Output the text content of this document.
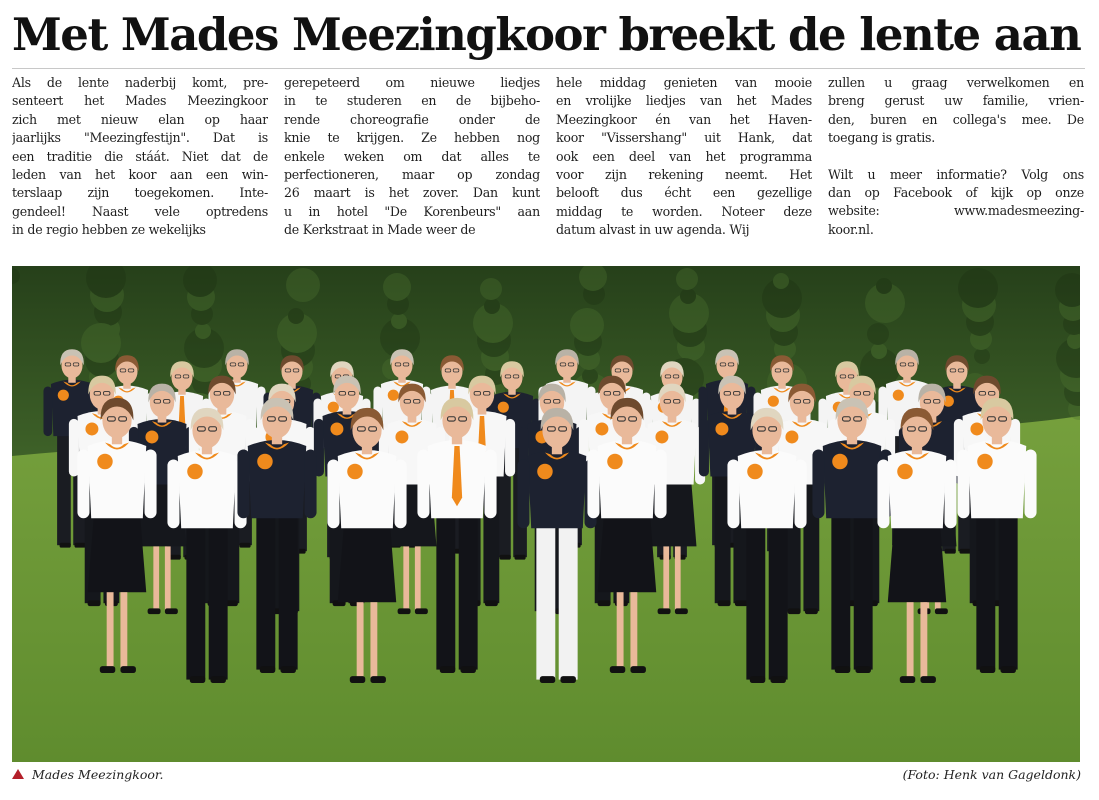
Met Mades Meezingkoor breekt de lente aan
Als de lente naderbij komt, pre-
senteert het Mades Meezingkoor
zich met nieuw elan op haar
jaarlijks "Meezingfestijn". Dat is
een traditie die stáát. Niet dat de
leden van het koor aan een win-
terslaap zijn toegekomen. Inte-
gendeel! Naast vele optredens
in de regio hebben ze wekelijks
gerepeteerd om nieuwe liedjes
in te studeren en de bijbeho-
rende choreografie onder de
knie te krijgen. Ze hebben nog
enkele weken om dat alles te
perfectioneren, maar op zondag
26 maart is het zover. Dan kunt
u in hotel "De Korenbeurs" aan
de Kerkstraat in Made weer de
hele middag genieten van mooie
en vrolijke liedjes van het Mades
Meezingkoor én van het Haven-
koor "Vissershang" uit Hank, dat
ook een deel van het programma
voor zijn rekening neemt. Het
belooft dus écht een gezellige
middag te worden. Noteer deze
datum alvast in uw agenda. Wij
zullen u graag verwelkomen en
breng gerust uw familie, vrien-
den, buren en collega's mee. De
toegang is gratis.
Wilt u meer informatie? Volg ons
dan op Facebook of kijk op onze
website:	www.madesmeezing-
koor.nl.
Mades Meezingkoor.	(Foto: Henk van Gageldonk)
